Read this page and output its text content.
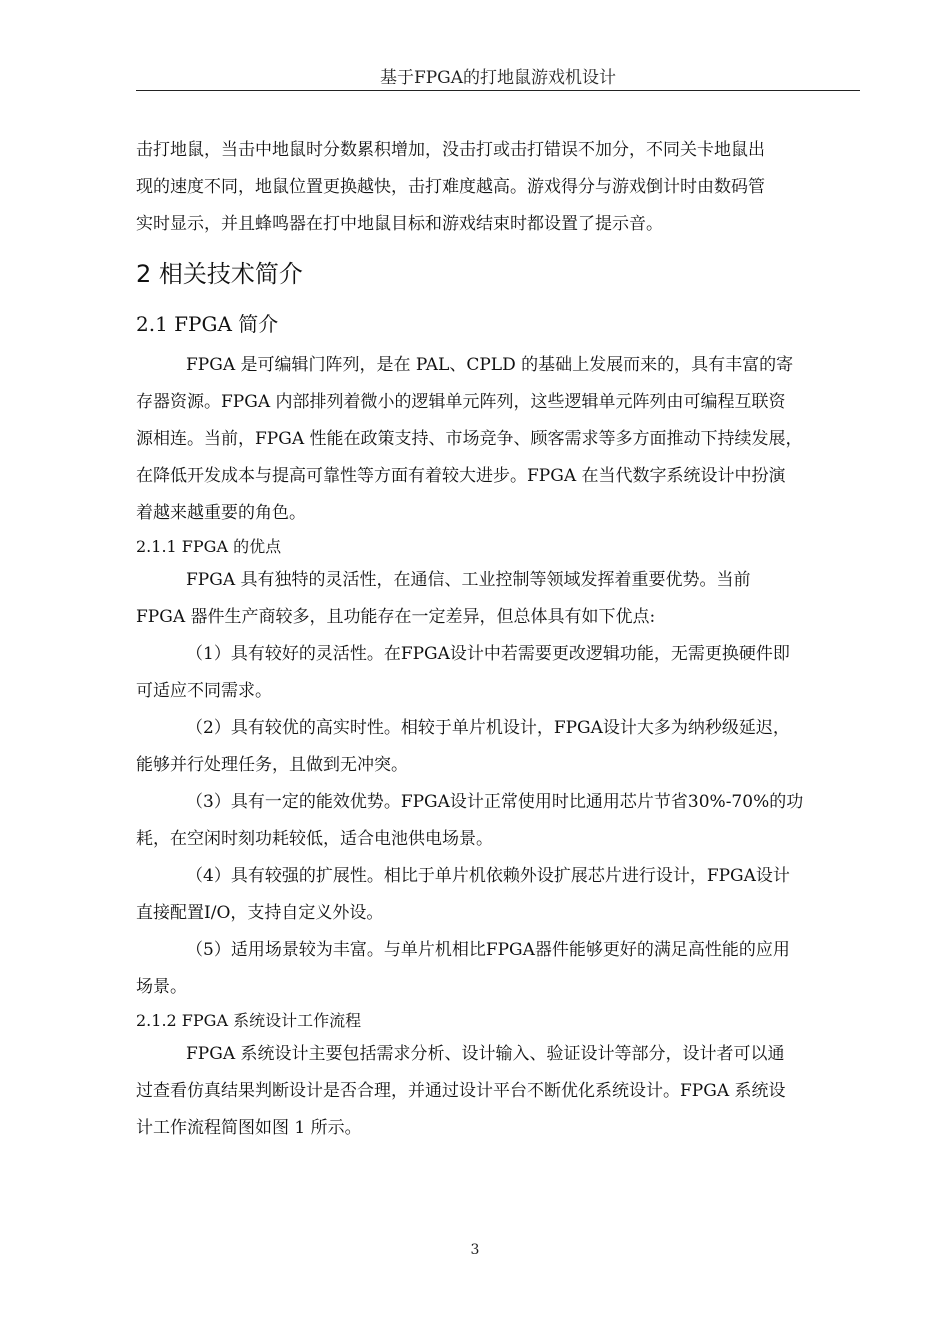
基于FPGA的打地鼠游戏机设计

击打地鼠，当击中地鼠时分数累积增加，没击打或击打错误不加分，不同关卡地鼠出

现的速度不同，地鼠位置更换越快，击打难度越高。游戏得分与游戏倒计时由数码管

实时显示，并且蜂鸣器在打中地鼠目标和游戏结束时都设置了提示音。

2 相关技术简介
2.1 FPGA 简介

FPGA 是可编辑门阵列，是在 PAL、CPLD 的基础上发展而来的，具有丰富的寄

存器资源。FPGA 内部排列着微小的逻辑单元阵列，这些逻辑单元阵列由可编程互联资

源相连。当前，FPGA 性能在政策支持、市场竞争、顾客需求等多方面推动下持续发展，

在降低开发成本与提高可靠性等方面有着较大进步。FPGA 在当代数字系统设计中扮演

着越来越重要的角色。

2.1.1 FPGA 的优点

FPGA 具有独特的灵活性，在通信、工业控制等领域发挥着重要优势。当前

FPGA 器件生产商较多，且功能存在一定差异，但总体具有如下优点:

（1）具有较好的灵活性。在FPGA设计中若需要更改逻辑功能，无需更换硬件即

可适应不同需求。

（2）具有较优的高实时性。相较于单片机设计，FPGA设计大多为纳秒级延迟，

能够并行处理任务，且做到无冲突。

（3）具有一定的能效优势。FPGA设计正常使用时比通用芯片节省30%-70%的功

耗，在空闲时刻功耗较低，适合电池供电场景。

（4）具有较强的扩展性。相比于单片机依赖外设扩展芯片进行设计，FPGA设计

直接配置I/O，支持自定义外设。

（5）适用场景较为丰富。与单片机相比FPGA器件能够更好的满足高性能的应用

场景。

2.1.2 FPGA 系统设计工作流程

FPGA 系统设计主要包括需求分析、设计输入、验证设计等部分，设计者可以通

过查看仿真结果判断设计是否合理，并通过设计平台不断优化系统设计。FPGA 系统设

计工作流程简图如图 1 所示。

3
